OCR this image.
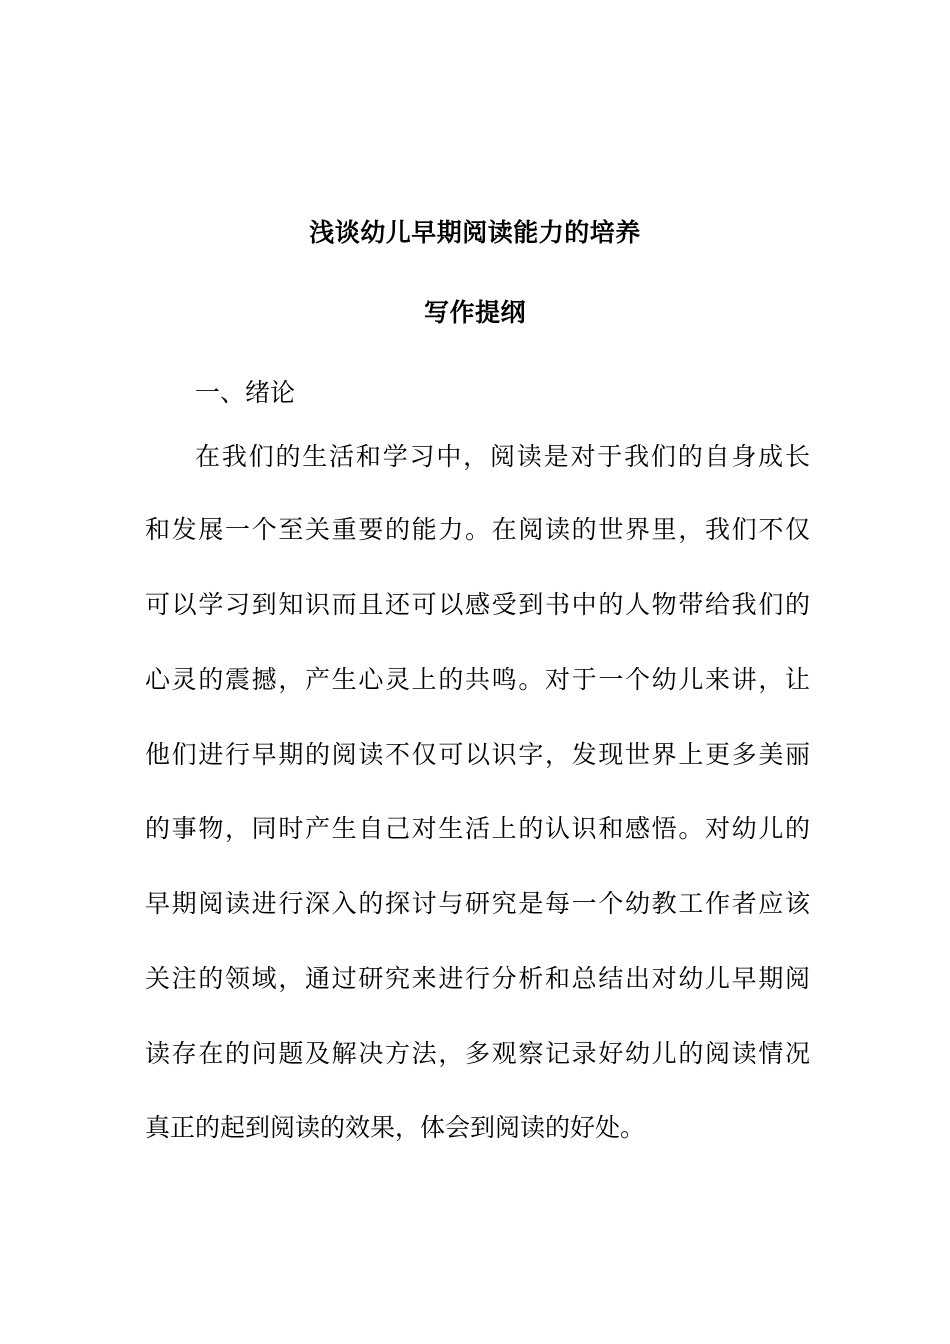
浅谈幼儿早期阅读能力的培养
写作提纲
一、绪论
在我们的生活和学习中，阅读是对于我们的自身成长
和发展一个至关重要的能力。在阅读的世界里，我们不仅
可以学习到知识而且还可以感受到书中的人物带给我们的
心灵的震撼，产生心灵上的共鸣。对于一个幼儿来讲，让
他们进行早期的阅读不仅可以识字，发现世界上更多美丽
的事物，同时产生自己对生活上的认识和感悟。对幼儿的
早期阅读进行深入的探讨与研究是每一个幼教工作者应该
关注的领域，通过研究来进行分析和总结出对幼儿早期阅
读存在的问题及解决方法，多观察记录好幼儿的阅读情况
真正的起到阅读的效果，体会到阅读的好处。
